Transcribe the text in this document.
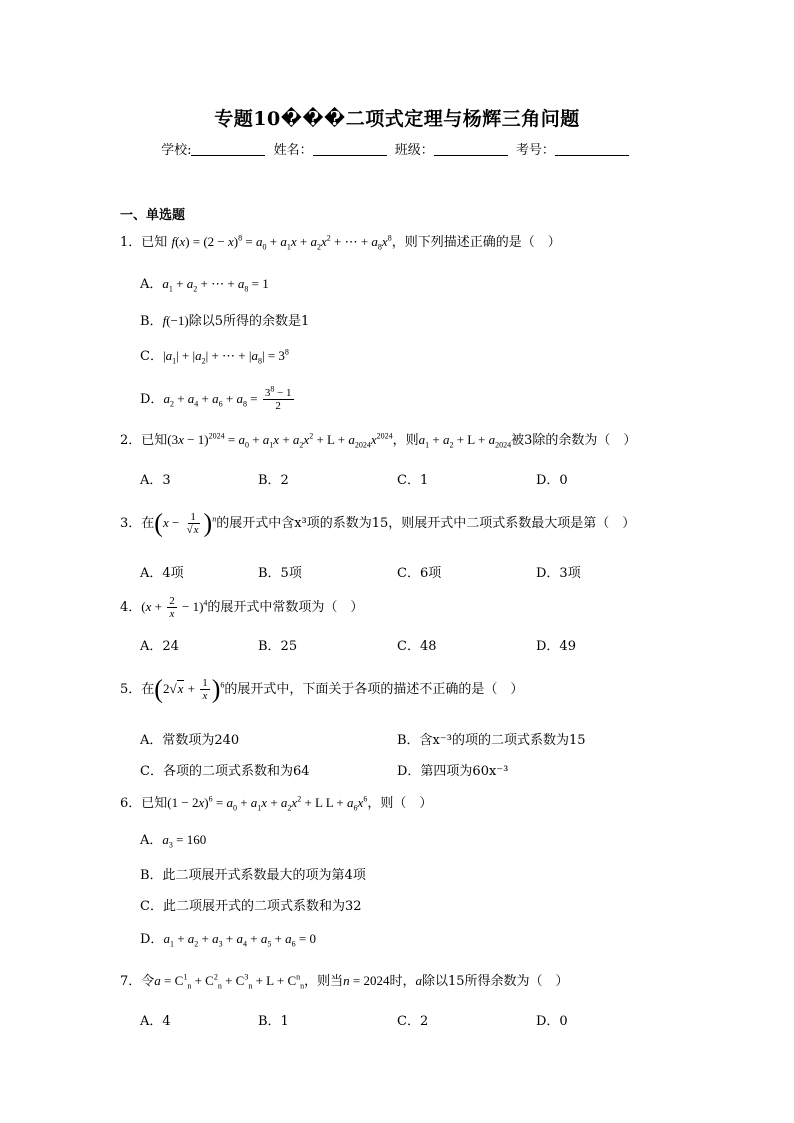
专题10���二项式定理与杨辉三角问题
学校:	姓名：	班级：	考号：
一、单选题
1．已知 $f(x) = (2 - x)^8 = a_0 + a_1x + a_2x^2$ + ⋯ + $a_8x^8$，则下列描述正确的是（　）
A．$a_1 + a_2$ + ⋯ + $a_8 = 1$
B．f(−1)除以5所得的余数是1
C．$|a_1| + |a_2|$ + ⋯ + $|a_8| = 3^8$
D．$a_2 + a_4 + a_6 + a_8 = \frac{3^8 - 1}{2}$
2．已知$(3x - 1)^{2024} = a_0 + a_1x + a_2x^2 + L + a_{2024}x^{2024}$，则$a_1 + a_2 + L + a_{2024}$被3除的余数为（　）
A．3	B．2	C．1	D．0
3．在$(x - \frac{1}{√x} )^n$的展开式中含x³项的系数为15，则展开式中二项式系数最大项是第（　）
A．4项	B．5项	C．6项	D．3项
4．$(x + \frac{2}{x} - 1)^4$的展开式中常数项为（　）
A．24	B．25	C．48	D．49
5．在$(2√x + \frac{1}{x} )^6$的展开式中，下面关于各项的描述不正确的是（　）
A．常数项为240	B．含x⁻³的项的二项式系数为15
C．各项的二项式系数和为64	D．第四项为60x⁻³
6．已知$(1 - 2x)^6 = a_0 + a_1x + a_2x^2 + L$ $L + a_6x^6$，则（　）
A．$a_3 = 160$
B．此二项展开式系数最大的项为第4项
C．此二项展开式的二项式系数和为32
D．$a_1 + a_2 + a_3 + a_4 + a_5 + a_6 = 0$
7．令$a = C^1_n + C^2_n + C^3_n + L + C^n_n$，则当n = 2024时，a除以15所得余数为（　）
A．4	B．1	C．2	D．0
